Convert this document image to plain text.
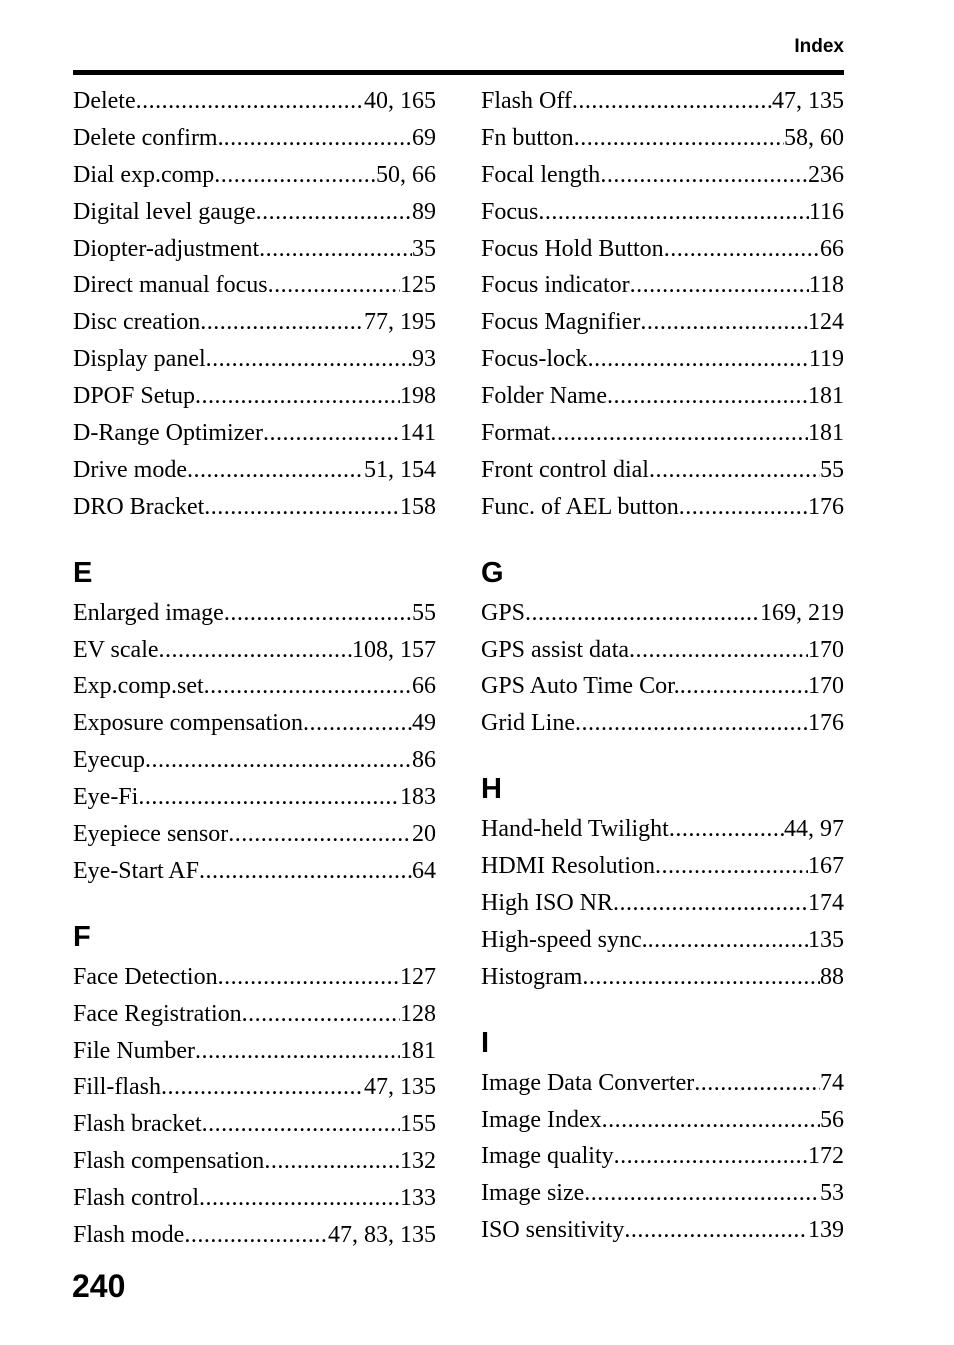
Index
Delete .....	40, 165
Delete confirm. .....	69
Dial exp.comp .....	50, 66
Digital level gauge .....	89
Diopter-adjustment .....	35
Direct manual focus .....	125
Disc creation .....	77, 195
Display panel .....	93
DPOF Setup .....	198
D-Range Optimizer .....	141
Drive mode .....	51, 154
DRO Bracket .....	158
E
Enlarged image .....	55
EV scale .....	108, 157
Exp.comp.set .....	66
Exposure compensation .....	49
Eyecup .....	86
Eye-Fi .....	183
Eyepiece sensor .....	20
Eye-Start AF .....	64
F
Face Detection .....	127
Face Registration .....	128
File Number .....	181
Fill-flash .....	47, 135
Flash bracket .....	155
Flash compensation .....	132
Flash control .....	133
Flash mode .....	47, 83, 135
Flash Off .....	47, 135
Fn button .....	58, 60
Focal length .....	236
Focus .....	116
Focus Hold Button .....	66
Focus indicator .....	118
Focus Magnifier .....	124
Focus-lock .....	119
Folder Name .....	181
Format .....	181
Front control dial .....	55
Func. of AEL button .....	176
G
GPS .....	169, 219
GPS assist data .....	170
GPS Auto Time Cor. .....	170
Grid Line .....	176
H
Hand-held Twilight .....	44, 97
HDMI Resolution .....	167
High ISO NR .....	174
High-speed sync. .....	135
Histogram .....	88
I
Image Data Converter .....	74
Image Index .....	56
Image quality .....	172
Image size .....	53
ISO sensitivity .....	139
240
